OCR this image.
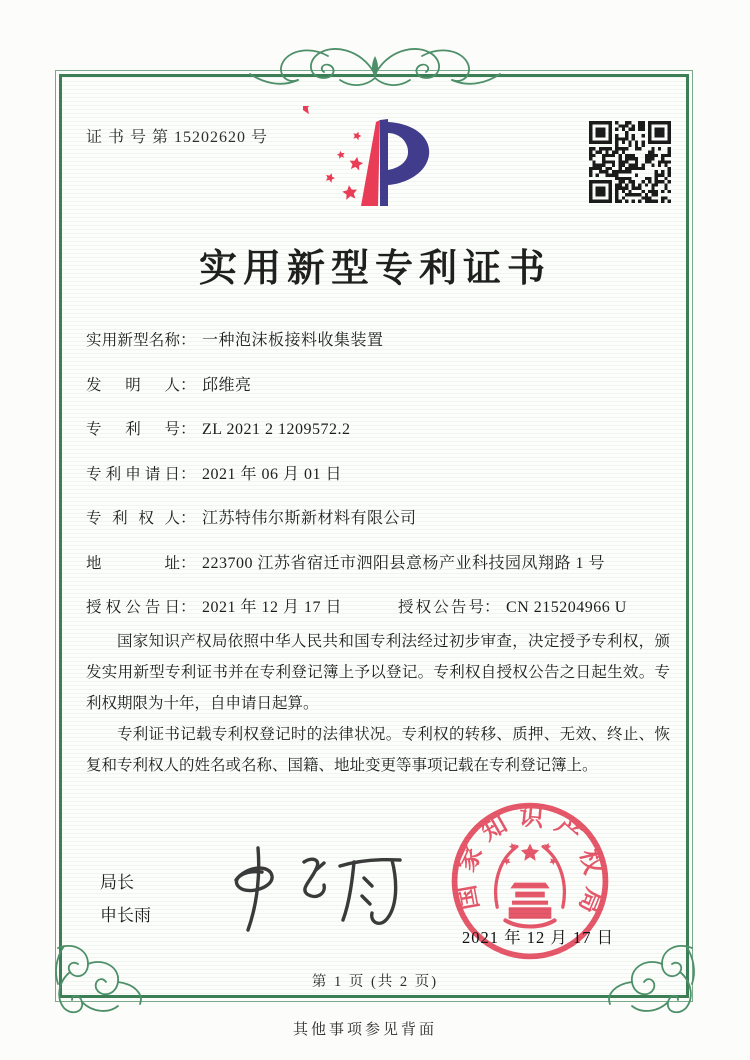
证 书 号 第 15202620 号
实用新型专利证书
实用新型名称： 一种泡沫板接料收集装置
发明人： 邱维亮
专利号： ZL 2021 2 1209572.2
专利申请日： 2021 年 06 月 01 日
专利权人： 江苏特伟尔斯新材料有限公司
地址： 223700 江苏省宿迁市泗阳县意杨产业科技园凤翔路 1 号
授权公告日： 2021 年 12 月 17 日	授权公告号： CN 215204966 U

国家知识产权局依照中华人民共和国专利法经过初步审查，决定授予专利权，颁发实用新型专利证书并在专利登记簿上予以登记。专利权自授权公告之日起生效。专利权期限为十年，自申请日起算。

专利证书记载专利权登记时的法律状况。专利权的转移、质押、无效、终止、恢复和专利权人的姓名或名称、国籍、地址变更等事项记载在专利登记簿上。

局长
申长雨
国家知识产权局
2021 年 12 月 17 日
第 1 页 (共 2 页)
其他事项参见背面
